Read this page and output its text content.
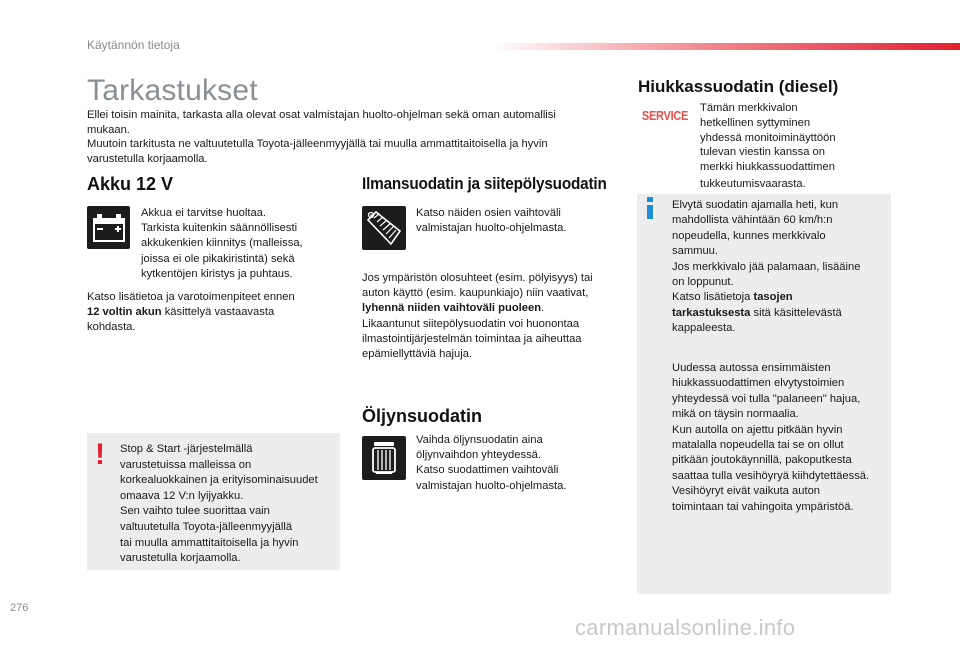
Käytännön tietoja
Tarkastukset
Ellei toisin mainita, tarkasta alla olevat osat valmistajan huolto-ohjelman sekä oman automallisi
mukaan.
Muutoin tarkitusta ne valtuutetulla Toyota-jälleenmyyjällä tai muulla ammattitaitoisella ja hyvin
varustetulla korjaamolla.
Akku 12 V
Akkua ei tarvitse huoltaa.
Tarkista kuitenkin säännöllisesti
akkukenkien kiinnitys (malleissa,
joissa ei ole pikakiristintä) sekä
kytkentöjen kiristys ja puhtaus.
Katso lisätietoa ja varotoimenpiteet ennen
12 voltin akun käsittelyä vastaavasta
kohdasta.
! Stop & Start -järjestelmällä
varustetuissa malleissa on
korkealuokkainen ja erityisominaisuudet
omaava 12 V:n lyijyakku.
Sen vaihto tulee suorittaa vain
valtuutetulla Toyota-jälleenmyyjällä
tai muulla ammattitaitoisella ja hyvin
varustetulla korjaamolla.
Ilmansuodatin ja siitepölysuodatin
Katso näiden osien vaihtoväli
valmistajan huolto-ohjelmasta.
Jos ympäristön olosuhteet (esim. pölyisyys) tai
auton käyttö (esim. kaupunkiajo) niin vaativat,
lyhennä niiden vaihtoväli puoleen.
Likaantunut siitepölysuodatin voi huonontaa
ilmastointijärjestelmän toimintaa ja aiheuttaa
epämiellyttäviä hajuja.
Öljynsuodatin
Vaihda öljynsuodatin aina
öljynvaihdon yhteydessä.
Katso suodattimen vaihtoväli
valmistajan huolto-ohjelmasta.
Hiukkassuodatin (diesel)
SERVICE
Tämän merkkivalon
hetkellinen syttyminen
yhdessä monitoiminäyttöön
tulevan viestin kanssa on
merkki hiukkassuodattimen
tukkeutumisvaarasta.
Elvytä suodatin ajamalla heti, kun
mahdollista vähintään 60 km/h:n
nopeudella, kunnes merkkivalo
sammuu.
Jos merkkivalo jää palamaan, lisääine
on loppunut.
Katso lisätietoja tasojen
tarkastuksesta sitä käsittelevästä
kappaleesta.
Uudessa autossa ensimmäisten
hiukkassuodattimen elvytystoimien
yhteydessä voi tulla "palaneen" hajua,
mikä on täysin normaalia.
Kun autolla on ajettu pitkään hyvin
matalalla nopeudella tai se on ollut
pitkään joutokäynnillä, pakoputkesta
saattaa tulla vesihöyryä kiihdytettäessä.
Vesihöyryt eivät vaikuta auton
toimintaan tai vahingoita ympäristöä.
276
carmanualsonline.info
